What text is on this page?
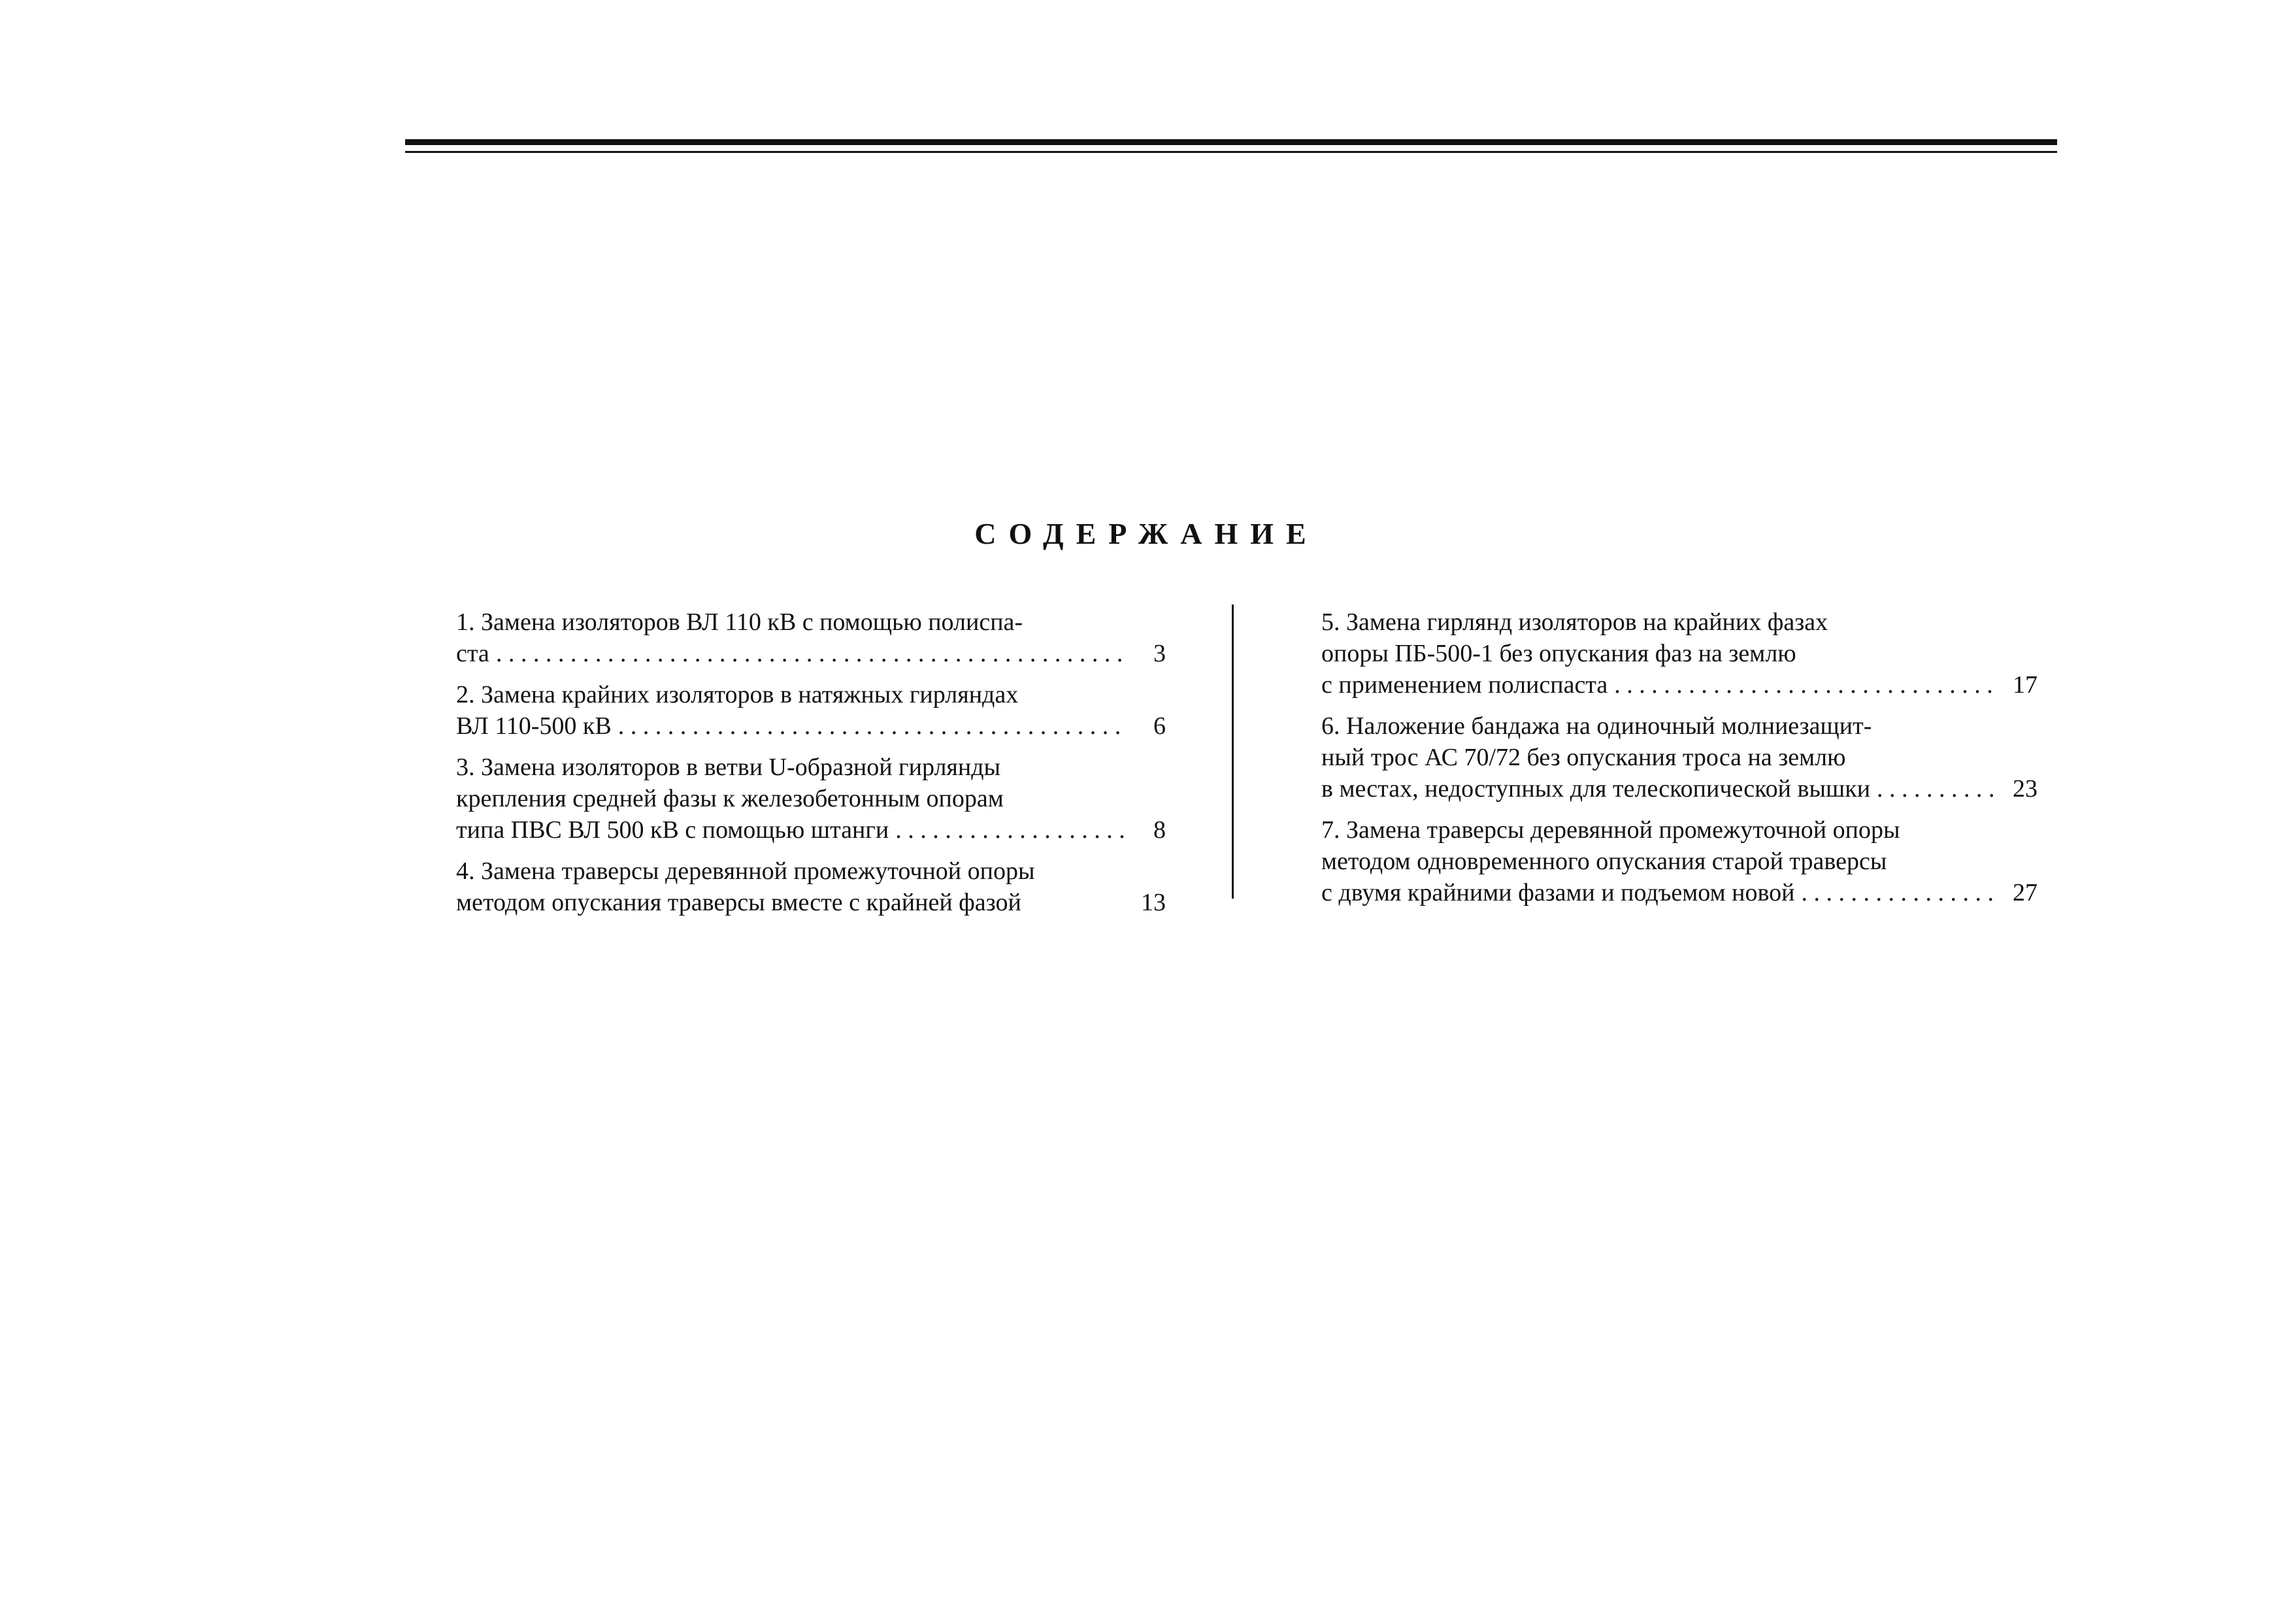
СОДЕРЖАНИЕ
1. Замена изоляторов ВЛ 110 кВ с помощью полиспа-
ста . . .	3
2. Замена крайних изоляторов в натяжных гирляндах
ВЛ 110-500 кВ . . .	6
3. Замена изоляторов в ветви U-образной гирлянды
крепления средней фазы к железобетонным опорам
типа ПВС ВЛ 500 кВ с помощью штанги . . .	8
4. Замена траверсы деревянной промежуточной опоры
методом опускания траверсы вместе с крайней фазой	13
5. Замена гирлянд изоляторов на крайних фазах
опоры ПБ-500-1 без опускания фаз на землю
с применением полиспаста . . .	17
6. Наложение бандажа на одиночный молниезащит-
ный трос АС 70/72 без опускания троса на землю
в местах, недоступных для телескопической вышки . . .	23
7. Замена траверсы деревянной промежуточной опоры
методом одновременного опускания старой траверсы
с двумя крайними фазами и подъемом новой . . .	27
